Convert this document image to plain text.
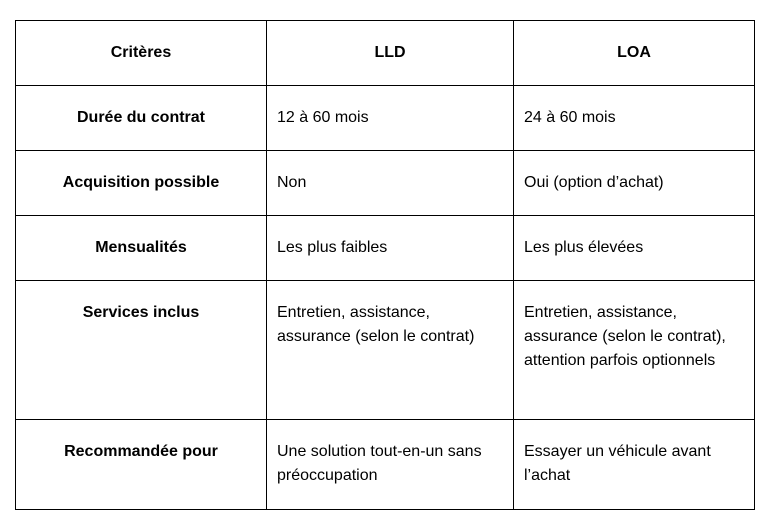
Critères	LLD	LOA
Durée du contrat	12 à 60 mois	24 à 60 mois
Acquisition possible	Non	Oui (option d’achat)
Mensualités	Les plus faibles	Les plus élevées
Services inclus	Entretien, assistance, assurance (selon le contrat)	Entretien, assistance, assurance (selon le contrat), attention parfois optionnels
Recommandée pour	Une solution tout-en-un sans préoccupation	Essayer un véhicule avant l’achat
